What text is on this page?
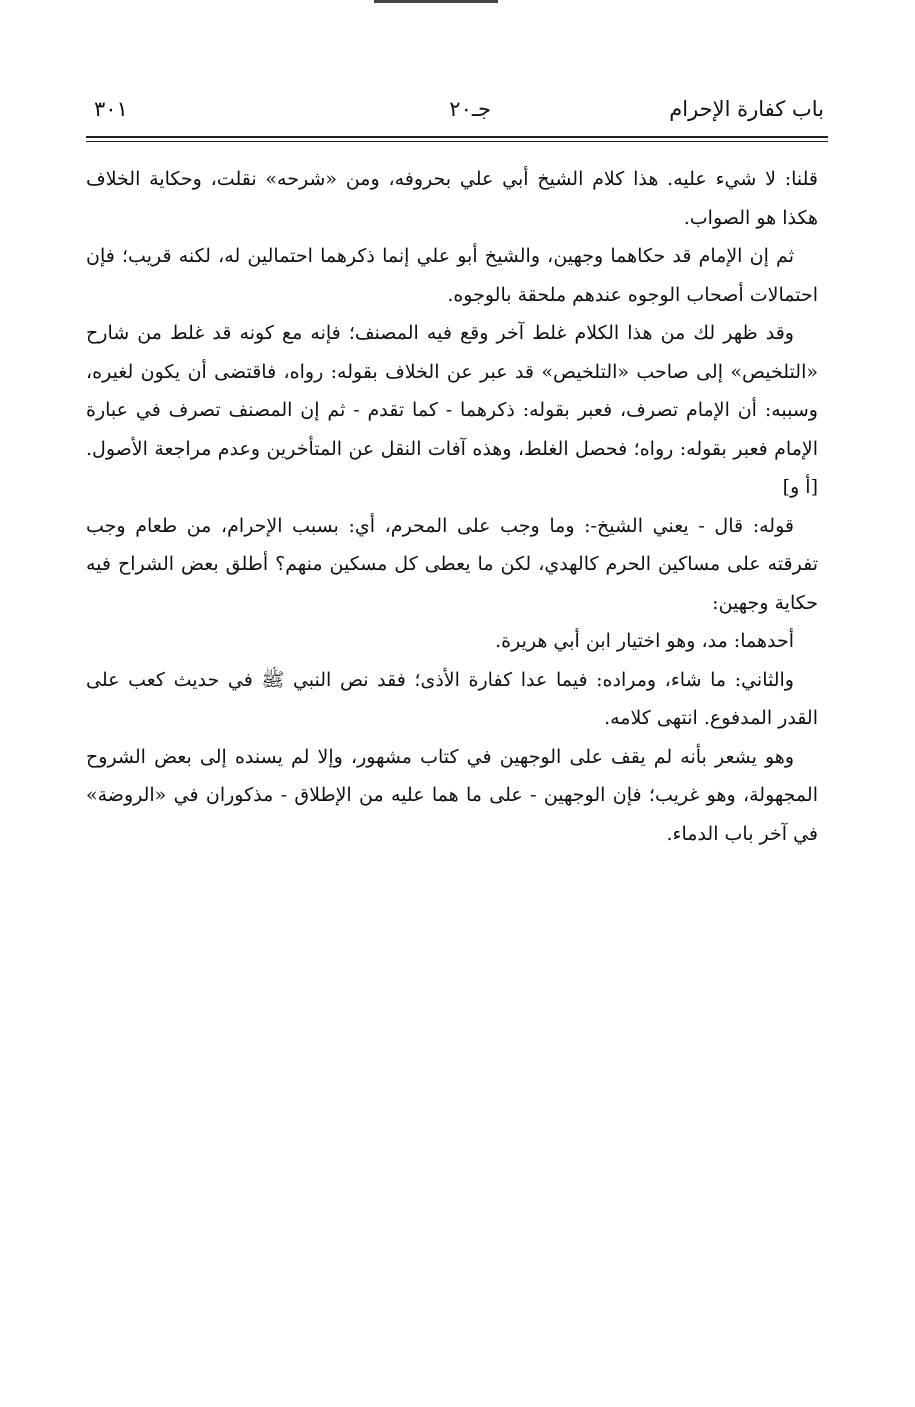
باب كفارة الإحرام
جـ٢٠
٣٠١

قلنا: لا شيء عليه. هذا كلام الشيخ أبي علي بحروفه، ومن «شرحه» نقلت، وحكاية الخلاف هكذا هو الصواب.

ثم إن الإمام قد حكاهما وجهين، والشيخ أبو علي إنما ذكرهما احتمالين له، لكنه قريب؛ فإن احتمالات أصحاب الوجوه عندهم ملحقة بالوجوه.

وقد ظهر لك من هذا الكلام غلط آخر وقع فيه المصنف؛ فإنه مع كونه قد غلط من شارح «التلخيص» إلى صاحب «التلخيص» قد عبر عن الخلاف بقوله: رواه، فاقتضى أن يكون لغيره، وسببه: أن الإمام تصرف، فعبر بقوله: ذكرهما - كما تقدم - ثم إن المصنف تصرف في عبارة الإمام فعبر بقوله: رواه؛ فحصل الغلط، وهذه آفات النقل عن المتأخرين وعدم مراجعة الأصول. [أ و]

قوله: قال - يعني الشيخ-: وما وجب على المحرم، أي: بسبب الإحرام، من طعام وجب تفرقته على مساكين الحرم كالهدي، لكن ما يعطى كل مسكين منهم؟ أطلق بعض الشراح فيه حكاية وجهين:

أحدهما: مد، وهو اختيار ابن أبي هريرة.

والثاني: ما شاء، ومراده: فيما عدا كفارة الأذى؛ فقد نص النبي ﷺ في حديث كعب على القدر المدفوع. انتهى كلامه.

وهو يشعر بأنه لم يقف على الوجهين في كتاب مشهور، وإلا لم يسنده إلى بعض الشروح المجهولة، وهو غريب؛ فإن الوجهين - على ما هما عليه من الإطلاق - مذكوران في «الروضة» في آخر باب الدماء.
